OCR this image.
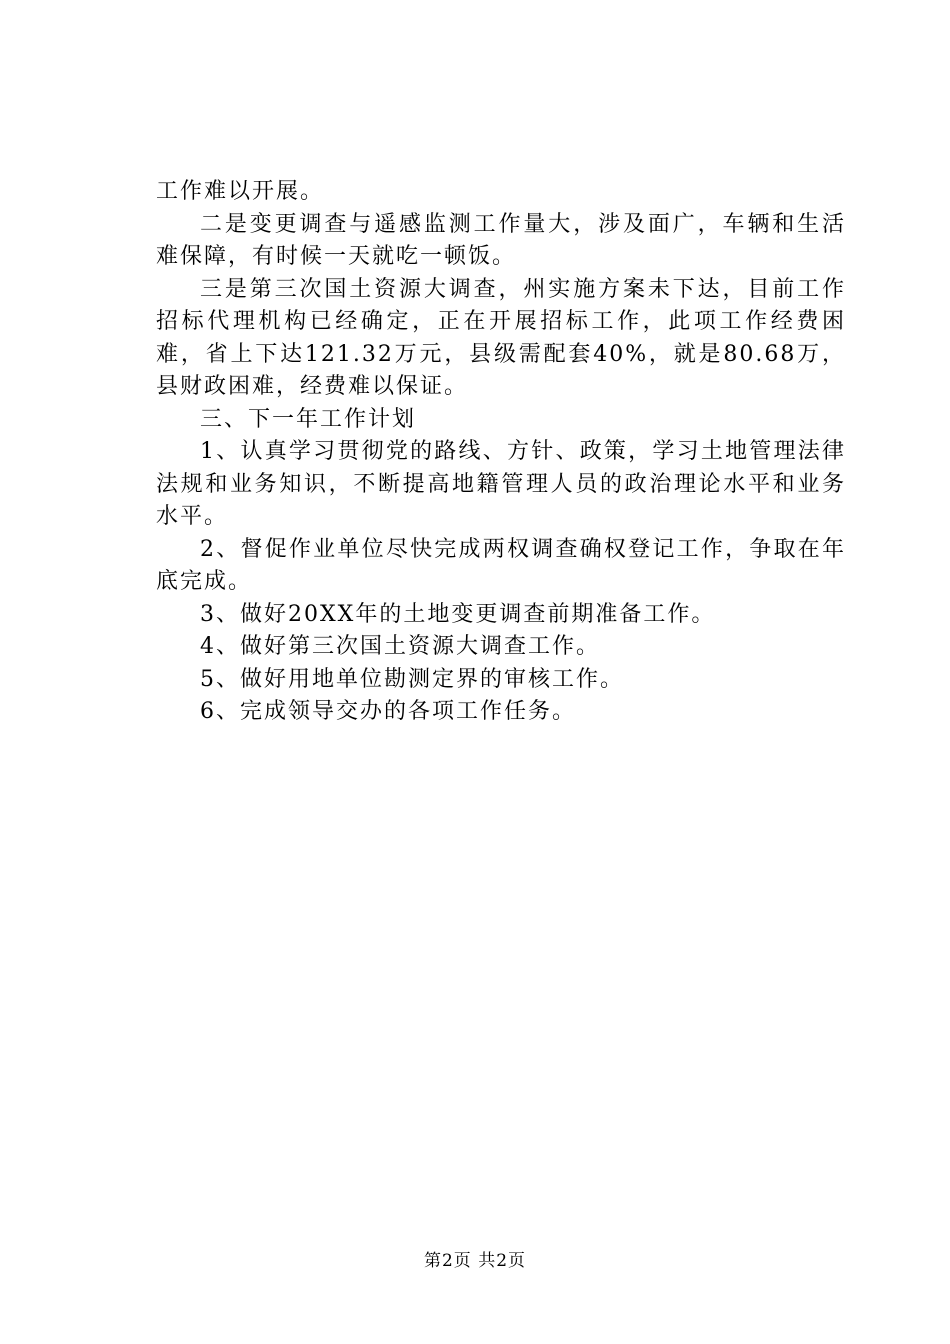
工作难以开展。

二是变更调查与遥感监测工作量大，涉及面广，车辆和生活难保障，有时候一天就吃一顿饭。

三是第三次国土资源大调查，州实施方案未下达，目前工作招标代理机构已经确定，正在开展招标工作，此项工作经费困难，省上下达121.32万元，县级需配套40%，就是80.68万，县财政困难，经费难以保证。

三、下一年工作计划

1、认真学习贯彻党的路线、方针、政策，学习土地管理法律法规和业务知识，不断提高地籍管理人员的政治理论水平和业务水平。

2、督促作业单位尽快完成两权调查确权登记工作，争取在年底完成。

3、做好20XX年的土地变更调查前期准备工作。

4、做好第三次国土资源大调查工作。

5、做好用地单位勘测定界的审核工作。

6、完成领导交办的各项工作任务。

第2页 共2页
